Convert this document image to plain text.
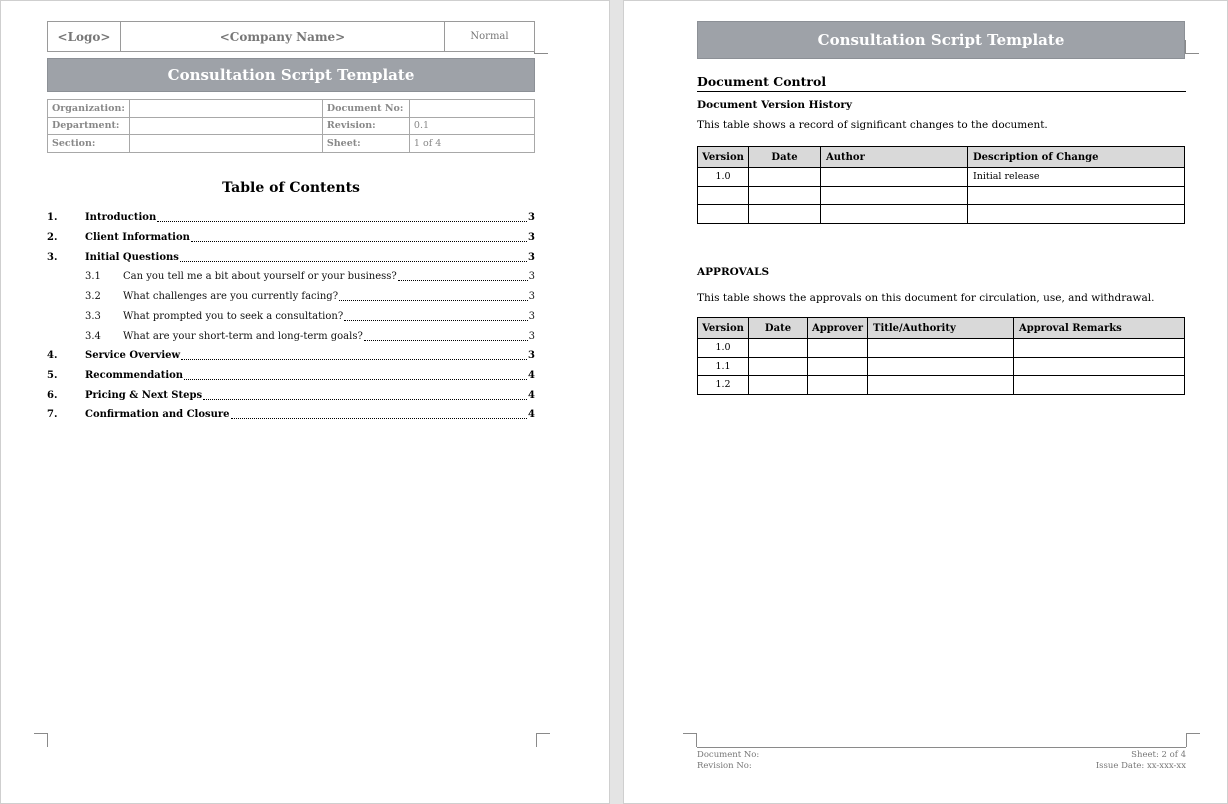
<Logo>	<Company Name>	Normal
Consultation Script Template
Organization:		Document No:	
Department:		Revision:	0.1
Section:		Sheet:	1 of 4
Table of Contents
1.	Introduction	3
2.	Client Information	3
3.	Initial Questions	3
3.1	Can you tell me a bit about yourself or your business?	3
3.2	What challenges are you currently facing?	3
3.3	What prompted you to seek a consultation?	3
3.4	What are your short-term and long-term goals?	3
4.	Service Overview	3
5.	Recommendation	4
6.	Pricing & Next Steps	4
7.	Confirmation and Closure	4
Consultation Script Template
Document Control
Document Version History
This table shows a record of significant changes to the document.
Version	Date	Author	Description of Change
1.0			Initial release

APPROVALS
This table shows the approvals on this document for circulation, use, and withdrawal.
Version	Date	Approver	Title/Authority	Approval Remarks
1.0				
1.1				
1.2				
Document No:
Revision No:
Sheet: 2 of 4
Issue Date: xx-xxx-xx
